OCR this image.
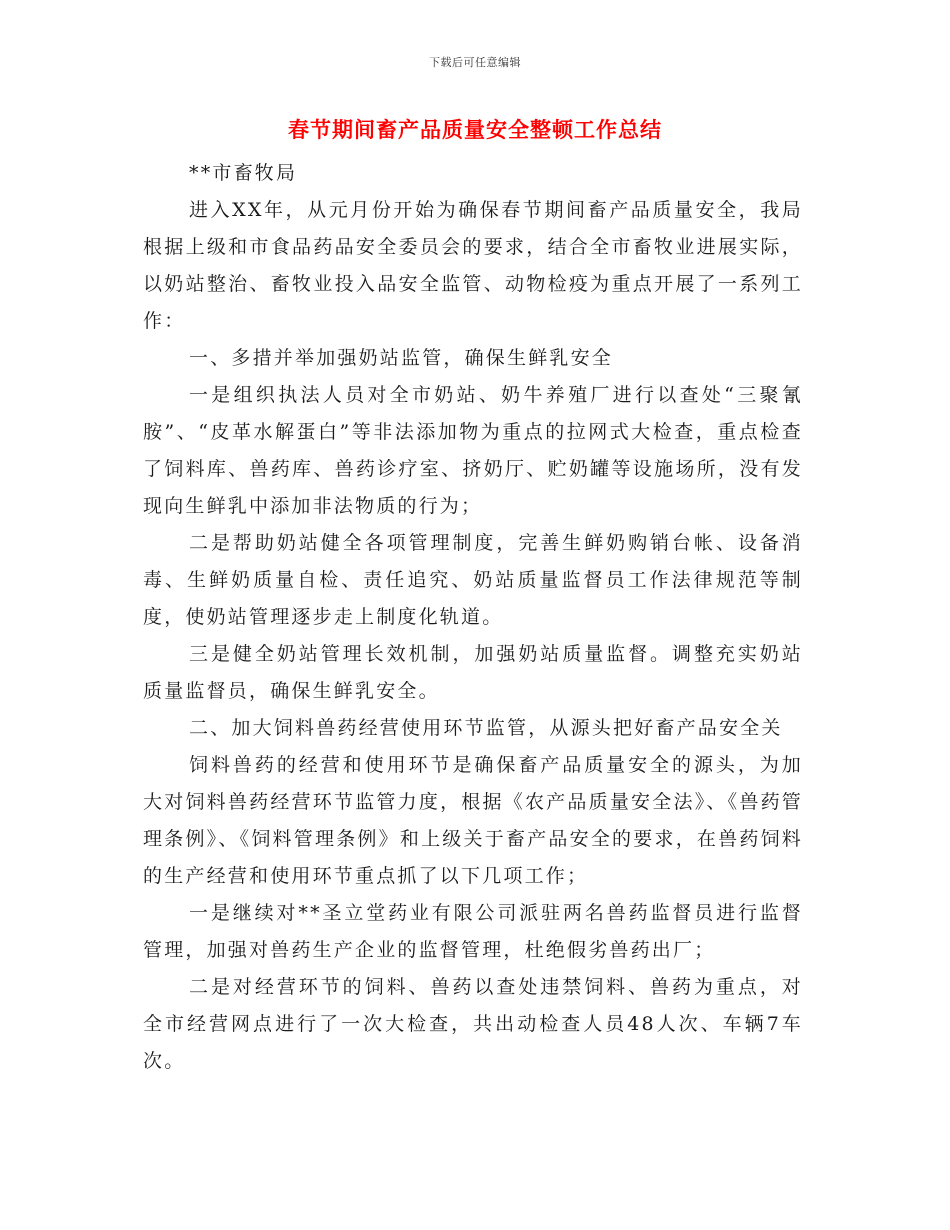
下载后可任意编辑
春节期间畜产品质量安全整顿工作总结

**市畜牧局

进入XX年，从元月份开始为确保春节期间畜产品质量安全，我局根据上级和市食品药品安全委员会的要求，结合全市畜牧业进展实际，以奶站整治、畜牧业投入品安全监管、动物检疫为重点开展了一系列工作：

一、多措并举加强奶站监管，确保生鲜乳安全

一是组织执法人员对全市奶站、奶牛养殖厂进行以查处“三聚氰胺”、“皮革水解蛋白”等非法添加物为重点的拉网式大检查，重点检查了饲料库、兽药库、兽药诊疗室、挤奶厅、贮奶罐等设施场所，没有发现向生鲜乳中添加非法物质的行为；

二是帮助奶站健全各项管理制度，完善生鲜奶购销台帐、设备消毒、生鲜奶质量自检、责任追究、奶站质量监督员工作法律规范等制度，使奶站管理逐步走上制度化轨道。

三是健全奶站管理长效机制，加强奶站质量监督。调整充实奶站质量监督员，确保生鲜乳安全。

二、加大饲料兽药经营使用环节监管，从源头把好畜产品安全关

饲料兽药的经营和使用环节是确保畜产品质量安全的源头，为加大对饲料兽药经营环节监管力度，根据《农产品质量安全法》、《兽药管理条例》、《饲料管理条例》和上级关于畜产品安全的要求，在兽药饲料的生产经营和使用环节重点抓了以下几项工作；

一是继续对**圣立堂药业有限公司派驻两名兽药监督员进行监督管理，加强对兽药生产企业的监督管理，杜绝假劣兽药出厂；

二是对经营环节的饲料、兽药以查处违禁饲料、兽药为重点，对全市经营网点进行了一次大检查，共出动检查人员48人次、车辆7车次。
